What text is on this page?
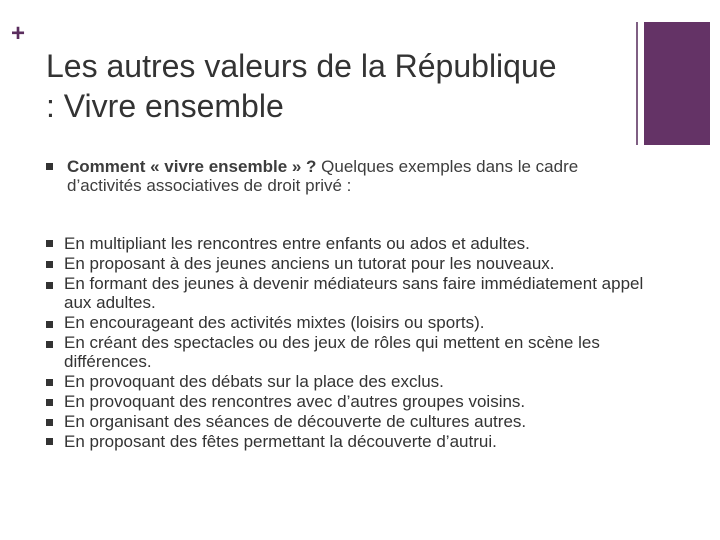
+
Les autres valeurs de la République
: Vivre ensemble
Comment « vivre ensemble » ? Quelques exemples dans le cadre d’activités associatives de droit privé :
En multipliant les rencontres entre enfants ou ados et adultes.
En proposant à des jeunes anciens un tutorat pour les nouveaux.
En formant des jeunes à devenir médiateurs sans faire immédiatement appel aux adultes.
En encourageant des activités mixtes (loisirs ou sports).
En créant des spectacles ou des jeux de rôles qui mettent en scène les différences.
En provoquant des débats sur la place des exclus.
En provoquant des rencontres avec d’autres groupes voisins.
En organisant des séances de découverte de cultures autres.
En proposant des fêtes permettant la découverte d’autrui.
